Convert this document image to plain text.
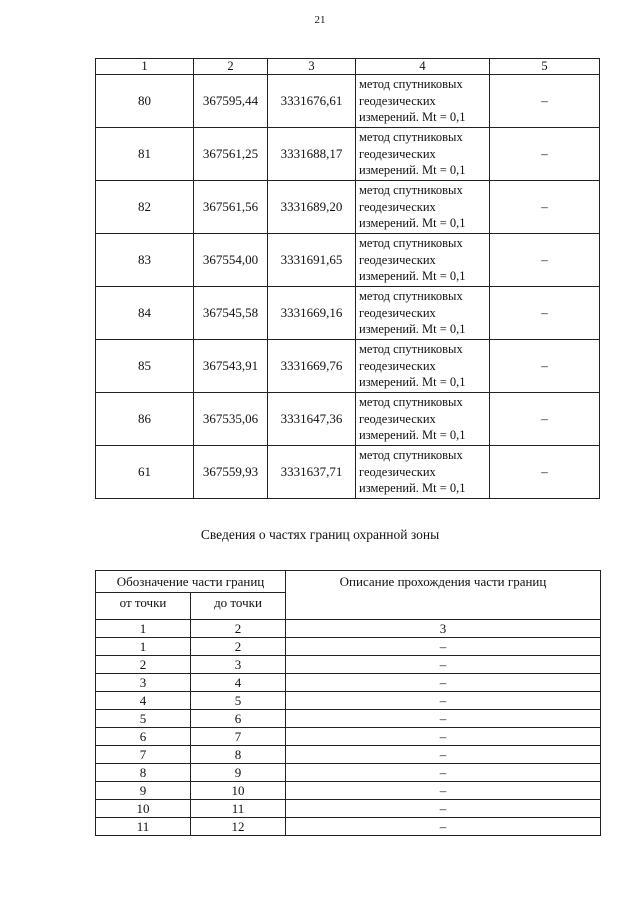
21
1	2	3	4	5
80	367595,44	3331676,61	метод спутниковых
геодезических
измерений. Mt = 0,1	–
81	367561,25	3331688,17	метод спутниковых
геодезических
измерений. Mt = 0,1	–
82	367561,56	3331689,20	метод спутниковых
геодезических
измерений. Mt = 0,1	–
83	367554,00	3331691,65	метод спутниковых
геодезических
измерений. Mt = 0,1	–
84	367545,58	3331669,16	метод спутниковых
геодезических
измерений. Mt = 0,1	–
85	367543,91	3331669,76	метод спутниковых
геодезических
измерений. Mt = 0,1	–
86	367535,06	3331647,36	метод спутниковых
геодезических
измерений. Mt = 0,1	–
61	367559,93	3331637,71	метод спутниковых
геодезических
измерений. Mt = 0,1	–
Сведения о частях границ охранной зоны
Обозначение части границ		Описание прохождения части границ
от точки	до точки	
1	2	3
1	2	–
2	3	–
3	4	–
4	5	–
5	6	–
6	7	–
7	8	–
8	9	–
9	10	–
10	11	–
11	12	–
